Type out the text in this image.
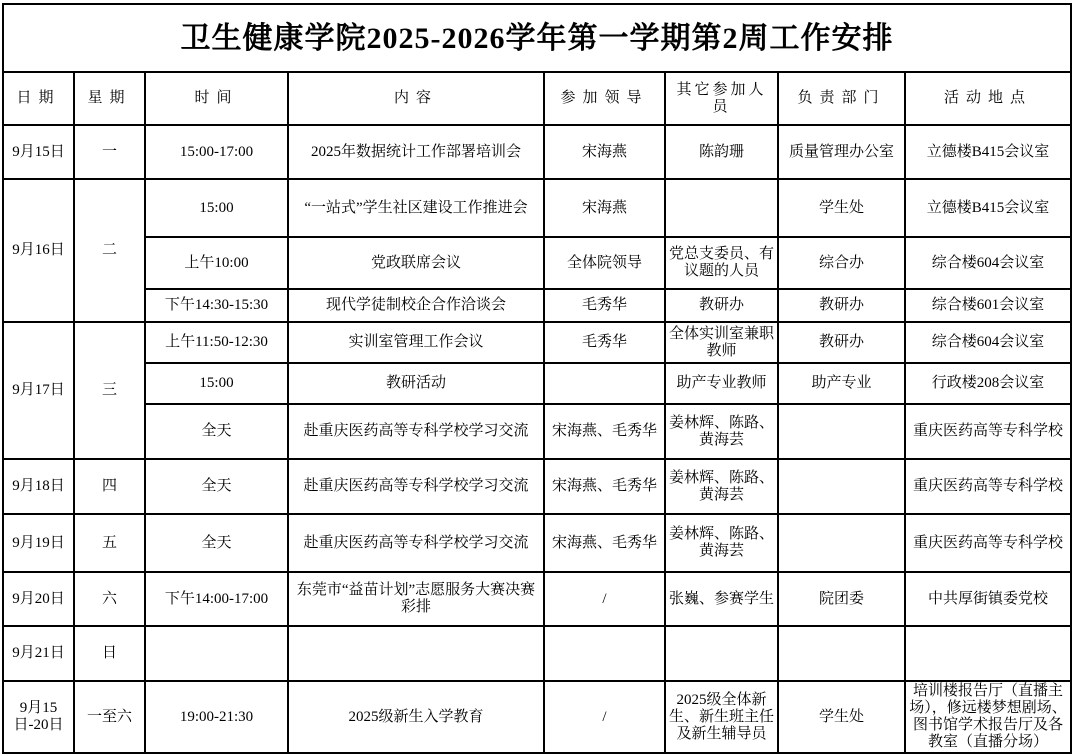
卫生健康学院2025-2026学年第一学期第2周工作安排							
日期	星期	时间	内容	参加领导	其它参加人员	负责部门	活动地点
9月15日	一	15:00-17:00	2025年数据统计工作部署培训会	宋海燕	陈韵珊	质量管理办公室	立德楼B415会议室
9月16日	二	15:00	“一站式”学生社区建设工作推进会	宋海燕		学生处	立德楼B415会议室
		上午10:00	党政联席会议	全体院领导	党总支委员、有议题的人员	综合办	综合楼604会议室
		下午14:30-15:30	现代学徒制校企合作洽谈会	毛秀华	教研办	教研办	综合楼601会议室
9月17日	三	上午11:50-12:30	实训室管理工作会议	毛秀华	全体实训室兼职教师	教研办	综合楼604会议室
		15:00	教研活动		助产专业教师	助产专业	行政楼208会议室
		全天	赴重庆医药高等专科学校学习交流	宋海燕、毛秀华	姜林辉、陈路、黄海芸		重庆医药高等专科学校
9月18日	四	全天	赴重庆医药高等专科学校学习交流	宋海燕、毛秀华	姜林辉、陈路、黄海芸		重庆医药高等专科学校
9月19日	五	全天	赴重庆医药高等专科学校学习交流	宋海燕、毛秀华	姜林辉、陈路、黄海芸		重庆医药高等专科学校
9月20日	六	下午14:00-17:00	东莞市“益苗计划”志愿服务大赛决赛彩排	/	张巍、参赛学生	院团委	中共厚街镇委党校
9月21日	日						
9月15日-20日	一至六	19:00-21:30	2025级新生入学教育	/	2025级全体新生、新生班主任及新生辅导员	学生处	培训楼报告厅（直播主场），修远楼梦想剧场、图书馆学术报告厅及各教室（直播分场）
